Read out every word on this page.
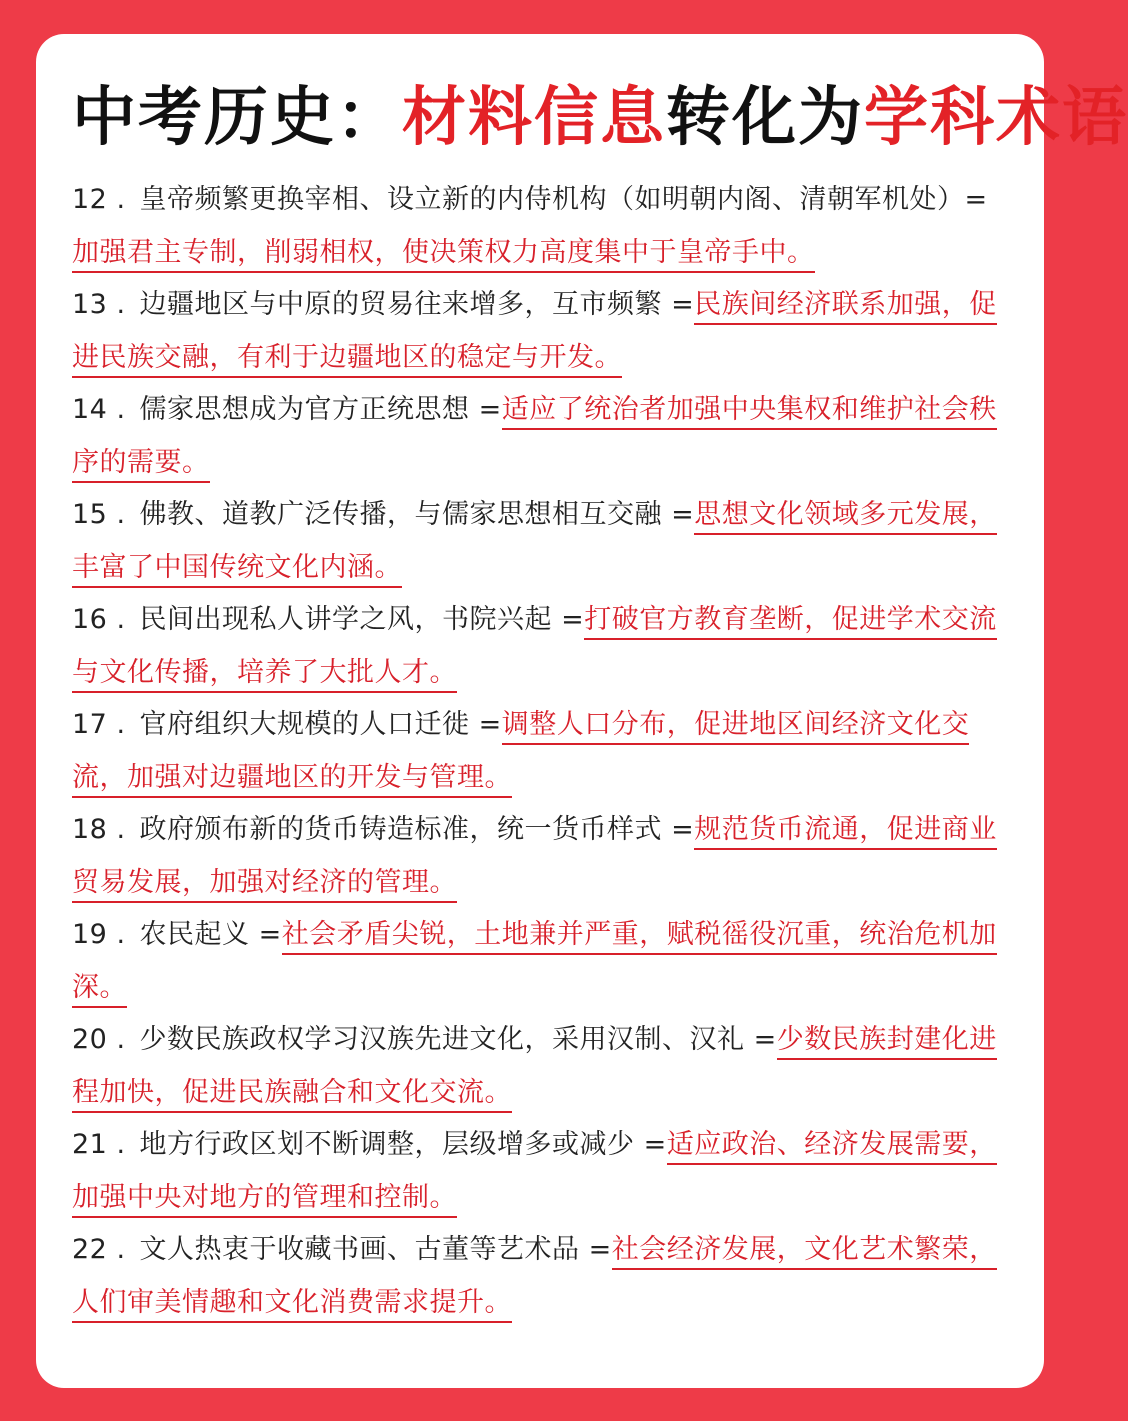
中考历史：材料信息转化为学科术语
12 . 皇帝频繁更换宰相、设立新的内侍机构（如明朝内阁、清朝军机处）=加强君主专制，削弱相权，使决策权力高度集中于皇帝手中。
13 . 边疆地区与中原的贸易往来增多，互市频繁 =民族间经济联系加强，促进民族交融，有利于边疆地区的稳定与开发。
14 . 儒家思想成为官方正统思想 =适应了统治者加强中央集权和维护社会秩序的需要。
15 . 佛教、道教广泛传播，与儒家思想相互交融 =思想文化领域多元发展，丰富了中国传统文化内涵。
16 . 民间出现私人讲学之风，书院兴起 =打破官方教育垄断，促进学术交流与文化传播，培养了大批人才。
17 . 官府组织大规模的人口迁徙 =调整人口分布，促进地区间经济文化交流，加强对边疆地区的开发与管理。
18 . 政府颁布新的货币铸造标准，统一货币样式 =规范货币流通，促进商业贸易发展，加强对经济的管理。
19 . 农民起义 =社会矛盾尖锐，土地兼并严重，赋税徭役沉重，统治危机加深。
20 . 少数民族政权学习汉族先进文化，采用汉制、汉礼 =少数民族封建化进程加快，促进民族融合和文化交流。
21 . 地方行政区划不断调整，层级增多或减少 =适应政治、经济发展需要，加强中央对地方的管理和控制。
22 . 文人热衷于收藏书画、古董等艺术品 =社会经济发展，文化艺术繁荣，人们审美情趣和文化消费需求提升。
